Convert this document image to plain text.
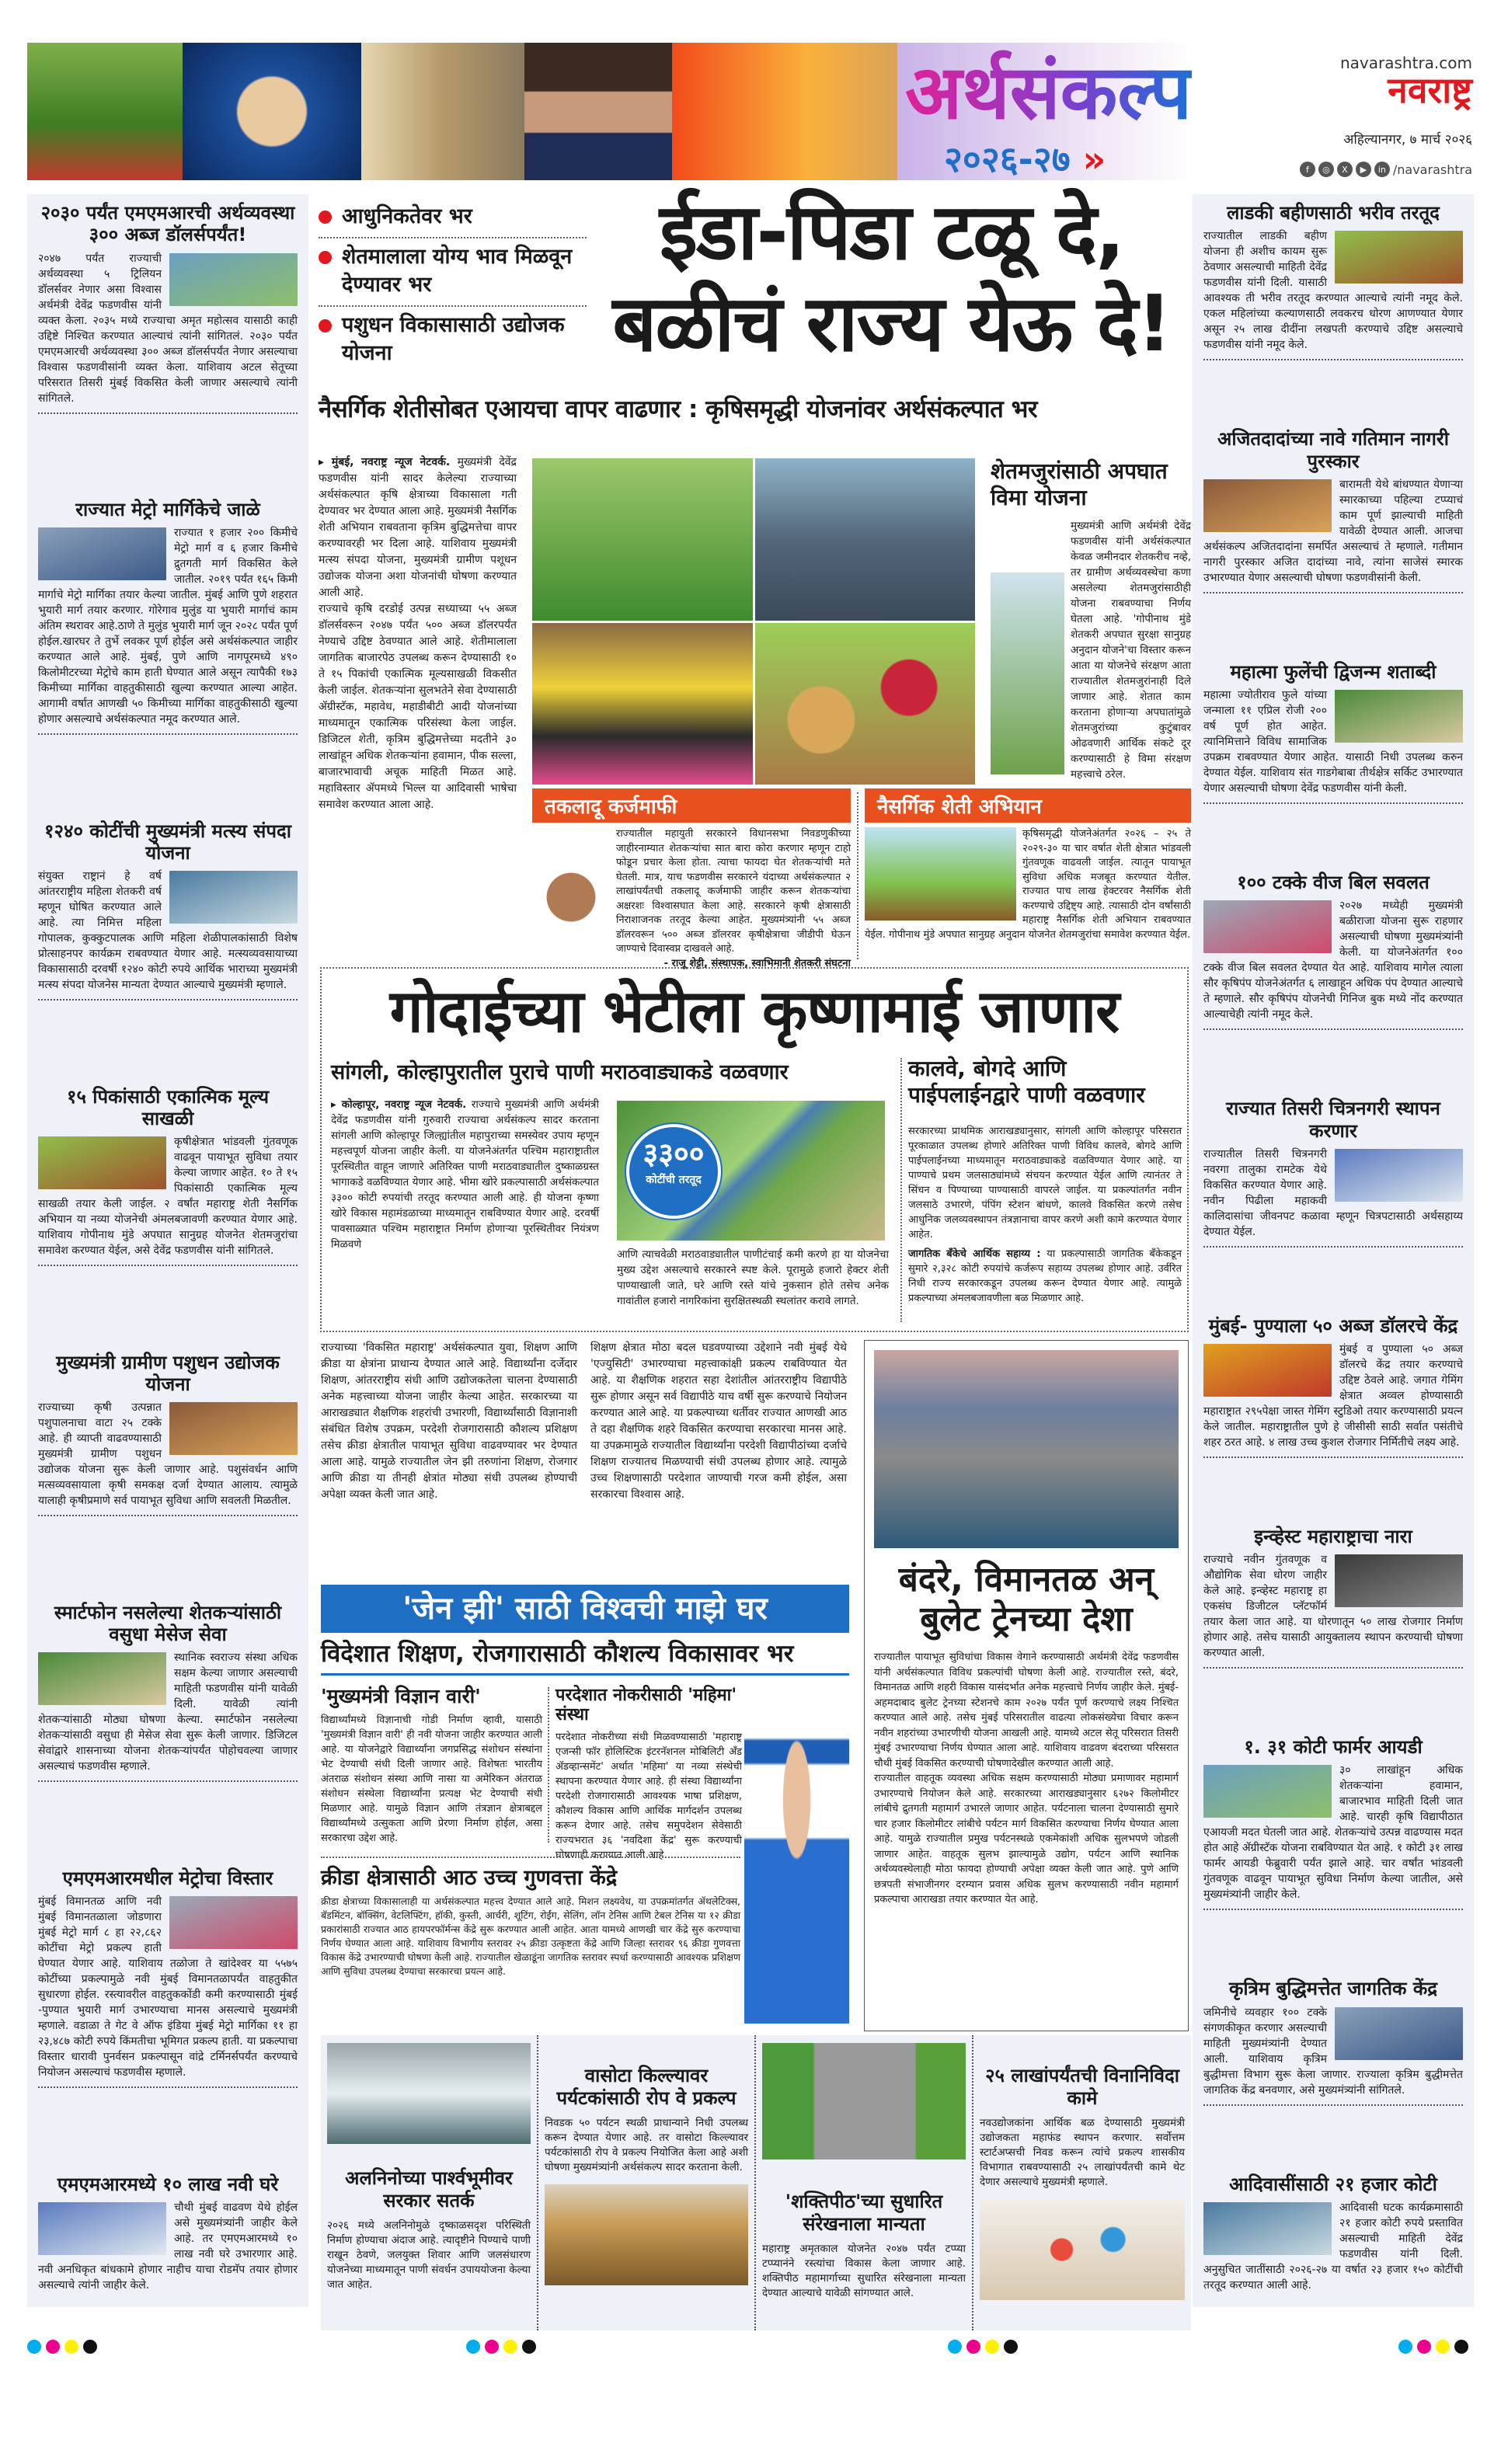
अर्थसंकल्प
२०२६-२७ »
navarashtra.com
नवराष्ट्र
अहिल्यानगर, ७ मार्च २०२६
f	◎	X	▶	in /navarashtra
२०३० पर्यंत एमएमआरची अर्थव्यवस्था ३०० अब्ज डॉलर्सपर्यंत!

२०४७ पर्यंत राज्याची अर्थव्यवस्था ५ ट्रिलियन डॉलर्सवर नेणार असा विश्वास अर्थमंत्री देवेंद्र फडणवीस यांनी व्यक्त केला. २०३५ मध्ये राज्याचा अमृत महोत्सव यासाठी काही उद्दिष्टे निश्चित करण्यात आल्याचं त्यांनी सांगितलं. २०३० पर्यंत एमएमआरची अर्थव्यवस्था ३०० अब्ज डॉलर्सपर्यंत नेणार असल्याचा विश्वास फडणवीसांनी व्यक्त केला. याशिवाय अटल सेतूच्या परिसरात तिसरी मुंबई विकसित केली जाणार असल्याचे त्यांनी सांगितले.

राज्यात मेट्रो मार्गिकेचे जाळे

राज्यात १ हजार २०० किमीचे मेट्रो मार्ग व ६ हजार किमीचे द्रुतगती मार्ग विकसित केले जातील. २०१९ पर्यंत १६५ किमी मार्गाचे मेट्रो मार्गिका तयार केल्या जातील. मुंबई आणि पुणे शहरात भुयारी मार्ग तयार करणार. गोरेगाव मुलुंड या भुयारी मार्गाचं काम अंतिम स्थरावर आहे.ठाणे ते मुलुंड भुयारी मार्ग जून २०२८ पर्यंत पूर्ण होईल.खारघर ते तुर्भे लवकर पूर्ण होईल असे अर्थसंकल्पात जाहीर करण्यात आले आहे. मुंबई, पुणे आणि नागपूरमध्ये ४९० किलोमीटरच्या मेट्रोचे काम हाती घेण्यात आले असून त्यापैकी १७३ किमीच्या मार्गिका वाहतुकीसाठी खुल्या करण्यात आल्या आहेत. आगामी वर्षात आणखी ५० किमीच्या मार्गिका वाहतुकीसाठी खुल्या होणार असल्याचे अर्थसंकल्पात नमूद करण्यात आले.

१२४० कोटींची मुख्यमंत्री मत्स्य संपदा योजना

संयुक्त राष्ट्रानं हे वर्ष आंतरराष्ट्रीय महिला शेतकरी वर्ष म्हणून घोषित करण्यात आले आहे. त्या निमित्त महिला गोपालक, कुक्कुटपालक आणि महिला शेळीपालकांसाठी विशेष प्रोत्साहनपर कार्यक्रम राबवण्यात येणार आहे. मत्स्यव्यवसायाच्या विकासासाठी दरवर्षी १२४० कोटी रुपये आर्थिक भाराच्या मुख्यमंत्री मत्स्य संपदा योजनेस मान्यता देण्यात आल्याचे मुख्यमंत्री म्हणाले.

१५ पिकांसाठी एकात्मिक मूल्य साखळी

कृषीक्षेत्रात भांडवली गुंतवणूक वाढवून पायाभूत सुविधा तयार केल्या जाणार आहेत. १० ते १५ पिकांसाठी एकात्मिक मूल्य साखळी तयार केली जाईल. २ वर्षांत महाराष्ट्र शेती नैसर्गिक अभियान या नव्या योजनेची अंमलबजावणी करण्यात येणार आहे. याशिवाय गोपीनाथ मुंडे अपघात सानुग्रह योजनेत शेतमजुरांचा समावेश करण्यात येईल, असे देवेंद्र फडणवीस यांनी सांगितले.

मुख्यमंत्री ग्रामीण पशुधन उद्योजक योजना

राज्याच्या कृषी उत्पन्नात पशुपालनाचा वाटा २५ टक्के आहे. ही व्याप्ती वाढवण्यासाठी मुख्यमंत्री ग्रामीण पशुधन उद्योजक योजना सुरू केली जाणार आहे. पशुसंवर्धन आणि मत्सव्यवसायाला कृषी समकक्ष दर्जा देण्यात आलाय. त्यामुळे यालाही कृषीप्रमाणे सर्व पायाभूत सुविधा आणि सवलती मिळतील.

स्मार्टफोन नसलेल्या शेतकऱ्यांसाठी वसुधा मेसेज सेवा

स्थानिक स्वराज्य संस्था अधिक सक्षम केल्या जाणार असल्याची माहिती फडणवीस यांनी यावेळी दिली. यावेळी त्यांनी शेतकऱ्यांसाठी मोठ्या घोषणा केल्या. स्मार्टफोन नसलेल्या शेतकऱ्यांसाठी वसुधा ही मेसेज सेवा सुरू केली जाणार. डिजिटल सेवांद्वारे शासनाच्या योजना शेतकऱ्यांपर्यंत पोहोचवल्या जाणार असल्याचं फडणवीस म्हणाले.

एमएमआरमधील मेट्रोचा विस्तार

मुंबई विमानतळ आणि नवी मुंबई विमानतळाला जोडणारा मुंबई मेट्रो मार्ग ८ हा २२,८६२ कोटींचा मेट्रो प्रकल्प हाती घेण्यात येणार आहे. याशिवाय तळोजा ते खांदेश्वर या ५५७५ कोटींच्या प्रकल्पामुळे नवी मुंबई विमानतळापर्यंत वाहतुकीत सुधारणा होईल. रस्त्यावरील वाहतुककोंडी कमी करण्यासाठी मुंबई -पुण्यात भुयारी मार्ग उभारण्याचा मानस असल्याचे मुख्यमंत्री म्हणाले. वडाळा ते गेट वे ऑफ इंडिया मुंबई मेट्रो मार्गिका ११ हा २३,४८७ कोटी रुपये किंमतीचा भूमिगत प्रकल्प हाती. या प्रकल्पाचा विस्तार धारावी पुनर्वसन प्रकल्पासून वांद्रे टर्मिनर्सपर्यंत करण्याचे नियोजन असल्याचं फडणवीस म्हणाले.

एमएमआरमध्ये १० लाख नवी घरे

चौथी मुंबई वाढवण येथे होईल असे मुख्यमंत्र्यांनी जाहीर केले आहे. तर एमएमआरमध्ये १० लाख नवी घरे उभारणार आहे. नवी अनधिकृत बांधकामे होणार नाहीच याचा रोडमॅप तयार होणार असल्याचे त्यांनी जाहीर केले.

लाडकी बहीणसाठी भरीव तरतूद

राज्यातील लाडकी बहीण योजना ही अशीच कायम सुरू ठेवणार असल्याची माहिती देवेंद्र फडणवीस यांनी दिली. यासाठी आवश्यक ती भरीव तरतूद करण्यात आल्याचे त्यांनी नमूद केले. एकल महिलांच्या कल्याणसाठी लवकरच धोरण आणण्यात येणार असून २५ लाख दीदींना लखपती करण्याचे उद्दिष्ट असल्याचे फडणवीस यांनी नमूद केले.

अजितदादांच्या नावे गतिमान नागरी पुरस्कार

बारामती येथे बांधण्यात येणाऱ्या स्मारकाच्या पहिल्या टप्प्याचं काम पूर्ण झाल्याची माहिती यावेळी देण्यात आली. आजचा अर्थसंकल्प अजितदादांना समर्पित असल्याचं ते म्हणाले. गतीमान नागरी पुरस्कार अजित दादांच्या नावे, त्यांना साजेसं स्मारक उभारण्यात येणार असल्याची घोषणा फडणवीसांनी केली.

महात्मा फुलेंची द्विजन्म शताब्दी

महात्मा ज्योतीराव फुले यांच्या जन्माला ११ एप्रिल रोजी २०० वर्ष पूर्ण होत आहेत. त्यानिमित्ताने विविध सामाजिक उपक्रम राबवण्यात येणार आहेत. यासाठी निधी उपलब्ध करुन देण्यात येईल. याशिवाय संत गाडगेबाबा तीर्थक्षेत्र सर्किट उभारण्यात येणार असल्याची घोषणा देवेंद्र फडणवीस यांनी केली.

१०० टक्के वीज बिल सवलत

२०२७ मध्येही मुख्यमंत्री बळीराजा योजना सुरू राहणार असल्याची घोषणा मुख्यमंत्र्यांनी केली. या योजनेअंतर्गत १०० टक्के वीज बिल सवलत देण्यात येत आहे. याशिवाय मागेल त्याला सौर कृषिपंप योजनेअंतर्गत ६ लाखाहून अधिक पंप देण्यात आल्याचे ते म्हणाले. सौर कृषिपंप योजनेची गिनिज बुक मध्ये नोंद करण्यात आल्याचेही त्यांनी नमूद केले.

राज्यात तिसरी चित्रनगरी स्थापन करणार

राज्यातील तिसरी चित्रनगरी नवरगा तालुका रामटेक येथे विकसित करण्यात येणार आहे. नवीन पिढीला महाकवी कालिदासांचा जीवनपट कळावा म्हणून चित्रपटासाठी अर्थसहाय्य देण्यात येईल.

मुंबई- पुण्याला ५० अब्ज डॉलरचे केंद्र

मुंबई व पुण्याला ५० अब्ज डॉलरचे केंद्र तयार करण्याचे उद्दिष्ट ठेवले आहे. जगात गेमिंग क्षेत्रात अव्वल होण्यासाठी महाराष्ट्रात २९५पेक्षा जास्त गेमिंग स्टुडिओ तयार करण्यासाठी प्रयत्न केले जातील. महाराष्ट्रातील पुणे हे जीसीसी साठी सर्वात पसंतीचे शहर ठरत आहे. ४ लाख उच्च कुशल रोजगार निर्मितीचे लक्ष्य आहे.

इन्व्हेस्ट महाराष्ट्राचा नारा

राज्याचे नवीन गुंतवणूक व औद्योगिक सेवा धोरण जाहीर केले आहे. इन्व्हेस्ट महाराष्ट्र हा एकसंघ डिजीटल प्लॅटफॉर्म तयार केला जात आहे. या धोरणातून ५० लाख रोजगार निर्माण होणार आहे. तसेच यासाठी आयुक्तालय स्थापन करण्याची घोषणा करण्यात आली.

१. ३१ कोटी फार्मर आयडी

३० लाखांहून अधिक शेतकऱ्यांना हवामान, बाजारभाव माहिती दिली जात आहे. चारही कृषि विद्यापीठात एआयजी मदत घेतली जात आहे. शेतकऱ्यांचे उत्पन्न वाढण्यास मदत होत आहे ॲग्रीस्टॅक योजना राबविण्यात येत आहे. १ कोटी ३१ लाख फार्मर आयडी फेब्रुवारी पर्यंत झाले आहे. चार वर्षांत भांडवली गुंतवणूक वाढवून पायाभूत सुविधा निर्माण केल्या जातील, असे मुख्यमंत्र्यांनी जाहीर केले.

कृत्रिम बुद्धिमत्तेत जागतिक केंद्र

जमिनीचे व्यवहार १०० टक्के संगणकीकृत करणार असल्याची माहिती मुख्यमंत्र्यांनी देण्यात आली. याशिवाय कृत्रिम बुद्धीमत्ता विभाग सुरू केला जाणार. राज्याला कृत्रिम बुद्धीमत्तेत जागतिक केंद्र बनवणार, असे मुख्यमंत्र्यांनी सांगितले.

आदिवासींसाठी २१ हजार कोटी

आदिवासी घटक कार्यक्रमासाठी २१ हजार कोटी रुपये प्रस्तावित असल्याची माहिती देवेंद्र फडणवीस यांनी दिली. अनुसुचित जातींसाठी २०२६-२७ या वर्षात २३ हजार १५० कोटींची तरतूद करण्यात आली आहे.

आधुनिकतेवर भर
शेतमालाला योग्य भाव मिळवून देण्यावर भर
पशुधन विकासासाठी उद्योजक योजना
ईडा-पिडा टळू दे,
बळीचं राज्य येऊ दे!
नैसर्गिक शेतीसोबत एआयचा वापर वाढणार : कृषिसमृद्धी योजनांवर अर्थसंकल्पात भर

▸ मुंबई, नवराष्ट्र न्यूज नेटवर्क. मुख्यमंत्री देवेंद्र फडणवीस यांनी सादर केलेल्या राज्याच्या अर्थसंकल्पात कृषि क्षेत्राच्या विकासाला गती देण्यावर भर देण्यात आला आहे. मुख्यमंत्री नैसर्गिक शेती अभियान राबवताना कृत्रिम बुद्धिमत्तेचा वापर करण्यावरही भर दिला आहे. याशिवाय मुख्यमंत्री मत्स्य संपदा योजना, मुख्यमंत्री ग्रामीण पशूधन उद्योजक योजना अशा योजनांची घोषणा करण्यात आली आहे.

राज्याचे कृषि दरडोई उत्पन्न सध्याच्या ५५ अब्ज डॉलर्सवरून २०४७ पर्यंत ५०० अब्ज डॉलरपर्यंत नेण्याचे उद्दिष्ट ठेवण्यात आले आहे. शेतीमालाला जागतिक बाजारपेठ उपलब्ध करून देण्यासाठी १० ते १५ पिकांची एकात्मिक मूल्यसाखळी विकसीत केली जाईल. शेतकऱ्यांना सुलभतेने सेवा देण्यासाठी ॲग्रीस्टॅक, महावेध, महाडीबीटी आदी योजनांच्या माध्यमातून एकात्मिक परिसंस्था केला जाईल. डिजिटल शेती, कृत्रिम बुद्धिमत्तेच्या मदतीने ३० लाखांहून अधिक शेतकऱ्यांना हवामान, पीक सल्ला, बाजारभावाची अचूक माहिती मिळत आहे. महाविस्तार ॲपमध्ये भिल्ल या आदिवासी भाषेचा समावेश करण्यात आला आहे.

शेतमजुरांसाठी अपघात विमा योजना
मुख्यमंत्री आणि अर्थमंत्री देवेंद्र फडणवीस यांनी अर्थसंकल्पात केवळ जमीनदार शेतकरीच नव्हे, तर ग्रामीण अर्थव्यवस्थेचा कणा असलेल्या शेतमजुरांसाठीही योजना राबवण्याचा निर्णय घेतला आहे. 'गोपीनाथ मुंडे शेतकरी अपघात सुरक्षा सानुग्रह अनुदान योजने'चा विस्तार करून आता या योजनेचे संरक्षण आता राज्यातील शेतमजुरांनाही दिले जाणार आहे. शेतात काम करताना होणाऱ्या अपघातांमुळे शेतमजुरांच्या कुटुंबावर ओढवणारी आर्थिक संकटे दूर करण्यासाठी हे विमा संरक्षण महत्त्वाचे ठरेल.
तकलादू कर्जमाफी
राज्यातील महायुती सरकारने विधानसभा निवडणुकीच्या जाहीरनाम्यात शेतकऱ्यांचा सात बारा कोरा करणार म्हणून टाहो फोडून प्रचार केला होता. त्याचा फायदा घेत शेतकऱ्यांची मते घेतली. मात्र, याच फडणवीस सरकारने यंदाच्या अर्थसंकल्पात २ लाखांपर्यंतची तकलादू कर्जमाफी जाहीर करून शेतकऱ्यांचा अक्षरशः विश्वासघात केला आहे. सरकारने कृषी क्षेत्रासाठी निराशाजनक तरतूद केल्या आहेत. मुख्यमंत्र्यांनी ५५ अब्ज डॉलरवरून ५०० अब्ज डॉलरवर कृषीक्षेत्राचा जीडीपी घेऊन जाण्याचे दिवास्वप्न दाखवले आहे.
- राजू शेट्टी, संस्थापक, स्वाभिमानी शेतकरी संघटना
नैसर्गिक शेती अभियान
कृषिसमृद्धी योजनेअंतर्गत २०२६ – २५ ते २०२९-३० या चार वर्षात शेती क्षेत्रात भांडवली गुंतवणूक वाढवली जाईल. त्यातून पायाभूत सुविधा अधिक मजबूत करण्यात येतील. राज्यात पाच लाख हेक्टरवर नैसर्गिक शेती करण्याचे उद्दिष्ट्य आहे. त्यासाठी दोन वर्षांसाठी महाराष्ट्र नैसर्गिक शेती अभियान राबवण्यात येईल. गोपीनाथ मुंडे अपघात सानुग्रह अनुदान योजनेत शेतमजुरांचा समावेश करण्यात येईल.
गोदाईच्या भेटीला कृष्णामाई जाणार
सांगली, कोल्हापुरातील पुराचे पाणी मराठवाड्याकडे वळवणार	कालवे, बोगदे आणि पाईपलाईनद्वारे पाणी वळवणार
▸ कोल्हापूर, नवराष्ट्र न्यूज नेटवर्क. राज्याचे मुख्यमंत्री आणि अर्थमंत्री देवेंद्र फडणवीस यांनी गुरुवारी राज्याचा अर्थसंकल्प सादर करताना सांगली आणि कोल्हापूर जिल्ह्यांतील महापुराच्या समस्येवर उपाय म्हणून महत्त्वपूर्ण योजना जाहीर केली. या योजनेअंतर्गत पश्चिम महाराष्ट्रातील पूरस्थितीत वाहून जाणारे अतिरिक्त पाणी मराठवाड्यातील दुष्काळग्रस्त भागाकडे वळविण्यात येणार आहे. भीमा खोरे प्रकल्पासाठी अर्थसंकल्पात ३३०० कोटी रुपयांची तरतूद करण्यात आली आहे. ही योजना कृष्णा खोरे विकास महामंडळाच्या माध्यमातून राबविण्यात येणार आहे. दरवर्षी पावसाळ्यात पश्चिम महाराष्ट्रात निर्माण होणाऱ्या पूरस्थितीवर नियंत्रण मिळवणे
३३००
कोटींची तरतूद
आणि त्याचवेळी मराठवाड्यातील पाणीटंचाई कमी करणे हा या योजनेचा मुख्य उद्देश असल्याचे सरकारने स्पष्ट केले. पूरामुळे हजारो हेक्टर शेती पाण्याखाली जाते, घरे आणि रस्ते यांचे नुकसान होते तसेच अनेक गावांतील हजारो नागरिकांना सुरक्षितस्थळी स्थलांतर करावे लागते.

सरकारच्या प्राथमिक आराखड्यानुसार, सांगली आणि कोल्हापूर परिसरात पूरकाळात उपलब्ध होणारे अतिरिक्त पाणी विविध कालवे, बोगदे आणि पाईपलाईनच्या माध्यमातून मराठवाड्याकडे वळविण्यात येणार आहे. या पाण्याचे प्रथम जलसाठ्यांमध्ये संचयन करण्यात येईल आणि त्यानंतर ते सिंचन व पिण्याच्या पाण्यासाठी वापरले जाईल. या प्रकल्पांतर्गत नवीन जलसाठे उभारणे, पंपिंग स्टेशन बांधणे, कालवे विकसित करणे तसेच आधुनिक जलव्यवस्थापन तंत्रज्ञानाचा वापर करणे अशी कामे करण्यात येणार आहेत.

जागतिक बँकेचे आर्थिक सहाय्य : या प्रकल्पासाठी जागतिक बँकेकडून सुमारे २,३२८ कोटी रुपयांचे कर्जरूप सहाय्य उपलब्ध होणार आहे. उर्वरित निधी राज्य सरकारकडून उपलब्ध करून देण्यात येणार आहे. त्यामुळे प्रकल्पाच्या अंमलबजावणीला बळ मिळणार आहे.

राज्याच्या 'विकसित महाराष्ट्र' अर्थसंकल्पात युवा, शिक्षण आणि क्रीडा या क्षेत्रांना प्राधान्य देण्यात आले आहे. विद्यार्थ्यांना दर्जेदार शिक्षण, आंतरराष्ट्रीय संधी आणि उद्योजकतेला चालना देण्यासाठी अनेक महत्त्वाच्या योजना जाहीर केल्या आहेत. सरकारच्या या आराखड्यात शैक्षणिक शहरांची उभारणी, विद्यार्थ्यांसाठी विज्ञानाशी संबंधित विशेष उपक्रम, परदेशी रोजगारासाठी कौशल्य प्रशिक्षण तसेच क्रीडा क्षेत्रातील पायाभूत सुविधा वाढवण्यावर भर देण्यात आला आहे. यामुळे राज्यातील जेन झी तरुणांना शिक्षण, रोजगार आणि क्रीडा या तीनही क्षेत्रांत मोठ्या संधी उपलब्ध होण्याची अपेक्षा व्यक्त केली जात आहे.
शिक्षण क्षेत्रात मोठा बदल घडवण्याच्या उद्देशाने नवी मुंबई येथे 'एज्युसिटी' उभारण्याचा महत्त्वाकांक्षी प्रकल्प राबविण्यात येत आहे. या शैक्षणिक शहरात सहा देशांतील आंतरराष्ट्रीय विद्यापीठे सुरू होणार असून सर्व विद्यापीठे याच वर्षी सुरू करण्याचे नियोजन करण्यात आले आहे. या प्रकल्पाच्या धर्तीवर राज्यात आणखी आठ ते दहा शैक्षणिक शहरे विकसित करण्याचा सरकारचा मानस आहे. या उपक्रमामुळे राज्यातील विद्यार्थ्यांना परदेशी विद्यापीठांच्या दर्जाचे शिक्षण राज्यातच मिळण्याची संधी उपलब्ध होणार आहे. त्यामुळे उच्च शिक्षणासाठी परदेशात जाण्याची गरज कमी होईल, असा सरकारचा विश्वास आहे.
'जेन झी' साठी विश्वची माझे घर
विदेशात शिक्षण, रोजगारासाठी कौशल्य विकासावर भर
'मुख्यमंत्री विज्ञान वारी'
विद्यार्थ्यांमध्ये विज्ञानाची गोडी निर्माण व्हावी, यासाठी 'मुख्यमंत्री विज्ञान वारी' ही नवी योजना जाहीर करण्यात आली आहे. या योजनेद्वारे विद्यार्थ्यांना जगप्रसिद्ध संशोधन संस्थांना भेट देण्याची संधी दिली जाणार आहे. विशेषतः भारतीय अंतराळ संशोधन संस्था आणि नासा या अमेरिकन अंतराळ संशोधन संस्थेला विद्यार्थ्यांना प्रत्यक्ष भेट देण्याची संधी मिळणार आहे. यामुळे विज्ञान आणि तंत्रज्ञान क्षेत्राबद्दल विद्यार्थ्यांमध्ये उत्सुकता आणि प्रेरणा निर्माण होईल, असा सरकारचा उद्देश आहे.
परदेशात नोकरीसाठी 'महिमा' संस्था
परदेशात नोकरीच्या संधी मिळवण्यासाठी 'महाराष्ट्र एजन्सी फॉर होलिस्टिक इंटरनॅशनल मोबिलिटी अँड ॲडव्हान्समेंट' अर्थात 'महिमा' या नव्या संस्थेची स्थापना करण्यात येणार आहे. ही संस्था विद्यार्थ्यांना परदेशी रोजगारासाठी आवश्यक भाषा प्रशिक्षण, कौशल्य विकास आणि आर्थिक मार्गदर्शन उपलब्ध करून देणार आहे. तसेच समुपदेशन सेवेसाठी राज्यभरात ३६ 'नवदिशा केंद्र' सुरू करण्याची घोषणाही करण्यात आली आहे.
क्रीडा क्षेत्रासाठी आठ उच्च गुणवत्ता केंद्रे
क्रीडा क्षेत्राच्या विकासालाही या अर्थसंकल्पात महत्त्व देण्यात आले आहे. मिशन लक्ष्यवेध, या उपक्रमांतर्गत ॲथलेटिक्स, बॅडमिंटन, बॉक्सिंग, वेटलिफ्टिंग, हॉकी, कुस्ती, आर्चरी, शूटिंग, रोईंग, सेलिंग, लॉन टेनिस आणि टेबल टेनिस या १२ क्रीडा प्रकारांसाठी राज्यात आठ हायपरफॉर्मन्स केंद्रे सुरू करण्यात आली आहेत. आता यामध्ये आणखी चार केंद्रे सुरु करण्याचा निर्णय घेण्यात आला आहे. याशिवाय विभागीय स्तरावर २५ क्रीडा उत्कृष्टता केंद्रे आणि जिल्हा स्तरावर ९६ क्रीडा गुणवत्ता विकास केंद्रे उभारण्याची घोषणा केली आहे. राज्यातील खेळाडूंना जागतिक स्तरावर स्पर्धा करण्यासाठी आवश्यक प्रशिक्षण आणि सुविधा उपलब्ध देण्याचा सरकारचा प्रयत्न आहे.
बंदरे, विमानतळ अन् बुलेट ट्रेनच्या देशा

राज्यातील पायाभूत सुविधांचा विकास वेगाने करण्यासाठी अर्थमंत्री देवेंद्र फडणवीस यांनी अर्थसंकल्पात विविध प्रकल्पांची घोषणा केली आहे. राज्यातील रस्ते, बंदरे, विमानतळ आणि शहरी विकास यासंदर्भात अनेक महत्त्वाचे निर्णय जाहीर केले. मुंबई-अहमदाबाद बुलेट ट्रेनच्या स्टेशनचे काम २०२७ पर्यंत पूर्ण करण्याचे लक्ष्य निश्चित करण्यात आले आहे. तसेच मुंबई परिसरातील वाढत्या लोकसंख्येचा विचार करून नवीन शहरांच्या उभारणीची योजना आखली आहे. यामध्ये अटल सेतू परिसरात तिसरी मुंबई उभारण्याचा निर्णय घेण्यात आला आहे. याशिवाय वाढवण बंदराच्या परिसरात चौथी मुंबई विकसित करण्याची घोषणादेखील करण्यात आली आहे.

राज्यातील वाहतूक व्यवस्था अधिक सक्षम करण्यासाठी मोठ्या प्रमाणावर महामार्ग उभारण्याचे नियोजन केले आहे. सरकारच्या आराखड्यानुसार ६२७२ किलोमीटर लांबीचे द्रुतगती महामार्ग उभारले जाणार आहेत. पर्यटनाला चालना देण्यासाठी सुमारे चार हजार किलोमीटर लांबीचे पर्यटन मार्ग विकसित करण्याचा निर्णय घेण्यात आला आहे. यामुळे राज्यातील प्रमुख पर्यटनस्थळे एकमेकांशी अधिक सुलभपणे जोडली जाणार आहेत. वाहतूक सुलभ झाल्यामुळे उद्योग, पर्यटन आणि स्थानिक अर्थव्यवस्थेलाही मोठा फायदा होण्याची अपेक्षा व्यक्त केली जात आहे. पुणे आणि छत्रपती संभाजीनगर दरम्यान प्रवास अधिक सुलभ करण्यासाठी नवीन महामार्ग प्रकल्पाचा आराखडा तयार करण्यात येत आहे.

अलनिनोच्या पार्श्वभूमीवर सरकार सतर्क

२०२६ मध्ये अलनिनोमुळे दृष्काळसदृश परिस्थिती निर्माण होण्याचा अंदाज आहे. त्यादृष्टीने पिण्याचे पाणी राखून ठेवणे, जलयुक्त शिवार आणि जलसंधारण योजनेच्या माध्यमातून पाणी संवर्धन उपाययोजना केल्या जात आहेत.

वासोटा किल्ल्यावर पर्यटकांसाठी रोप वे प्रकल्प

निवडक ५० पर्यटन स्थळी प्राधान्याने निधी उपलब्ध करून देण्यात येणार आहे. तर वासोटा किल्ल्यावर पर्यटकांसाठी रोप वे प्रकल्प नियोजित केला आहे अशी घोषणा मुख्यमंत्र्यांनी अर्थसंकल्प सादर करताना केली.

'शक्तिपीठ'च्या सुधारित संरेखनाला मान्यता

महाराष्ट्र अमृतकाल योजनेत २०४७ पर्यंत टप्प्या टप्प्यानंने रस्त्यांचा विकास केला जाणार आहे. शक्तिपीठ महामार्गाच्या सुधारित संरेखनाला मान्यता देण्यात आल्याचे यावेळी सांगण्यात आले.

२५ लाखांपर्यंतची विनानिविदा कामे

नवउद्योजकांना आर्थिक बळ देण्यासाठी मुख्यमंत्री उद्योजकता महाफंड स्थापन करणार. सर्वोत्तम स्टार्टअप्सची निवड करून त्यांचे प्रकल्प शासकीय विभागात राबवण्यासाठी २५ लाखांपर्यंतची कामे थेट देणार असल्याचे मुख्यमंत्री म्हणाले.
